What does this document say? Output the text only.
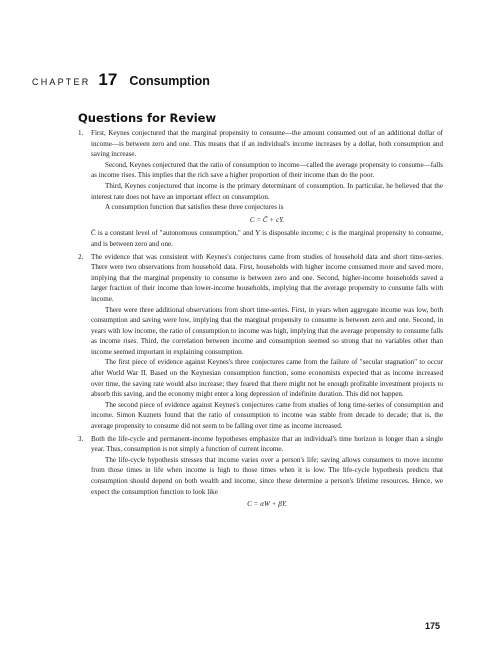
CHAPTER 17 Consumption
Questions for Review
1. First, Keynes conjectured that the marginal propensity to consume—the amount consumed out of an additional dollar of income—is between zero and one. This means that if an individual's income increases by a dollar, both consumption and saving increase.

Second, Keynes conjectured that the ratio of consumption to income—called the average propensity to consume—falls as income rises. This implies that the rich save a higher proportion of their income than do the poor.

Third, Keynes conjectured that income is the primary determinant of consumption. In particular, he believed that the interest rate does not have an important effect on consumption.

A consumption function that satisfies these three conjectures is

C = C̄ + cY.

C̄ is a constant level of "autonomous consumption," and Y is disposable income; c is the marginal propensity to consume, and is between zero and one.

2. The evidence that was consistent with Keynes's conjectures came from studies of household data and short time-series. There were two observations from household data. First, households with higher income consumed more and saved more, implying that the marginal propensity to consume is between zero and one. Second, higher-income households saved a larger fraction of their income than lower-income households, implying that the average propensity to consume falls with income.

There were three additional observations from short time-series. First, in years when aggregate income was low, both consumption and saving were low, implying that the marginal propensity to consume is between zero and one. Second, in years with low income, the ratio of consumption to income was high, implying that the average propensity to consume falls as income rises. Third, the correlation between income and consumption seemed so strong that no variables other than income seemed important in explaining consumption.

The first piece of evidence against Keynes's three conjectures came from the failure of "secular stagnation" to occur after World War II. Based on the Keynesian consumption function, some economists expected that as income increased over time, the saving rate would also increase; they feared that there might not be enough profitable investment projects to absorb this saving, and the economy might enter a long depression of indefinite duration. This did not happen.

The second piece of evidence against Keynes's conjectures came from studies of long time-series of consumption and income. Simon Kuznets found that the ratio of consumption to income was stable from decade to decade; that is, the average propensity to consume did not seem to be falling over time as income increased.

3. Both the life-cycle and permanent-income hypotheses emphasize that an individual's time horizon is longer than a single year. Thus, consumption is not simply a function of current income.

The life-cycle hypothesis stresses that income varies over a person's life; saving allows consumers to move income from those times in life when income is high to those times when it is low. The life-cycle hypothesis predicts that consumption should depend on both wealth and income, since these determine a person's lifetime resources. Hence, we expect the consumption function to look like

C = αW + βY.
175
